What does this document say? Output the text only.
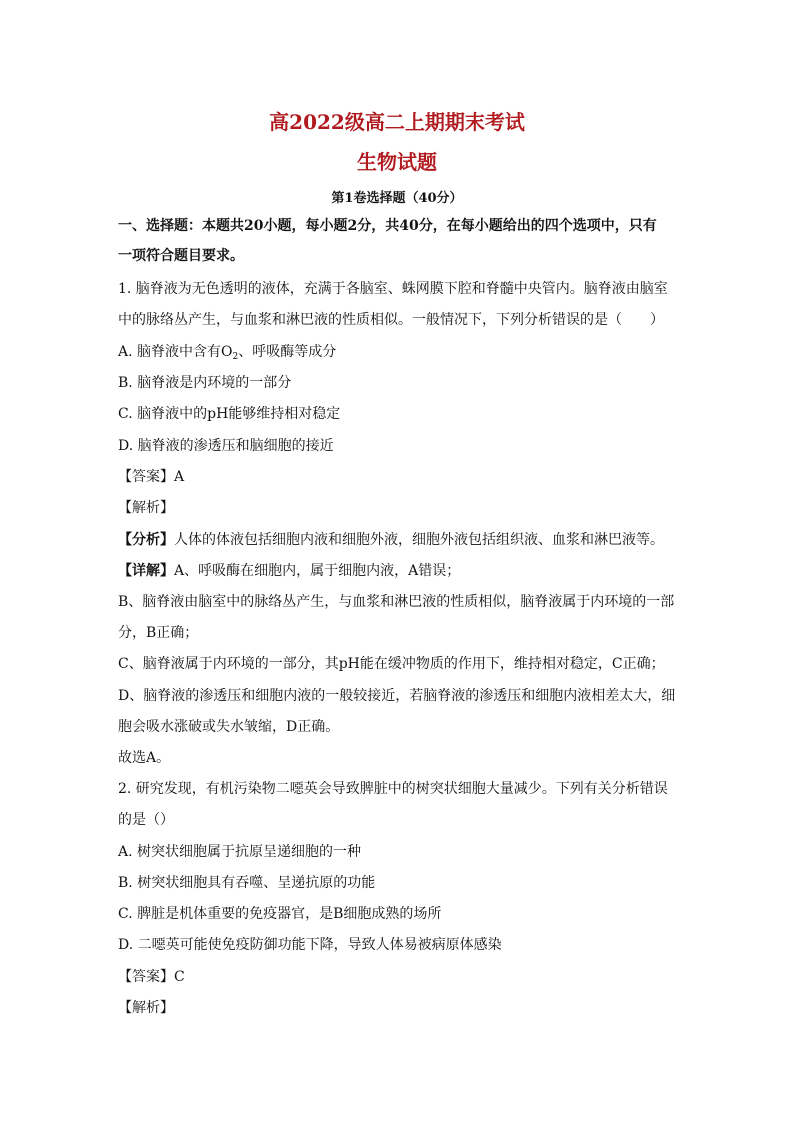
高2022级高二上期期末考试
生物试题
第1卷选择题（40分）
一、选择题：本题共20小题，每小题2分，共40分，在每小题给出的四个选项中，只有
一项符合题目要求。
1. 脑脊液为无色透明的液体，充满于各脑室、蛛网膜下腔和脊髓中央管内。脑脊液由脑室
中的脉络丛产生，与血浆和淋巴液的性质相似。一般情况下，下列分析错误的是（　　）
A. 脑脊液中含有$O_2$、呼吸酶等成分
B. 脑脊液是内环境的一部分
C. 脑脊液中的pH能够维持相对稳定
D. 脑脊液的渗透压和脑细胞的接近
【答案】A
【解析】
【分析】人体的体液包括细胞内液和细胞外液，细胞外液包括组织液、血浆和淋巴液等。
【详解】A、呼吸酶在细胞内，属于细胞内液，A错误；
B、脑脊液由脑室中的脉络丛产生，与血浆和淋巴液的性质相似，脑脊液属于内环境的一部
分，B正确；
C、脑脊液属于内环境的一部分，其pH能在缓冲物质的作用下，维持相对稳定，C正确；
D、脑脊液的渗透压和细胞内液的一般较接近，若脑脊液的渗透压和细胞内液相差太大，细
胞会吸水涨破或失水皱缩，D正确。
故选A。
2. 研究发现，有机污染物二噁英会导致脾脏中的树突状细胞大量减少。下列有关分析错误
的是（）
A. 树突状细胞属于抗原呈递细胞的一种
B. 树突状细胞具有吞噬、呈递抗原的功能
C. 脾脏是机体重要的免疫器官，是B细胞成熟的场所
D. 二噁英可能使免疫防御功能下降，导致人体易被病原体感染
【答案】C
【解析】
